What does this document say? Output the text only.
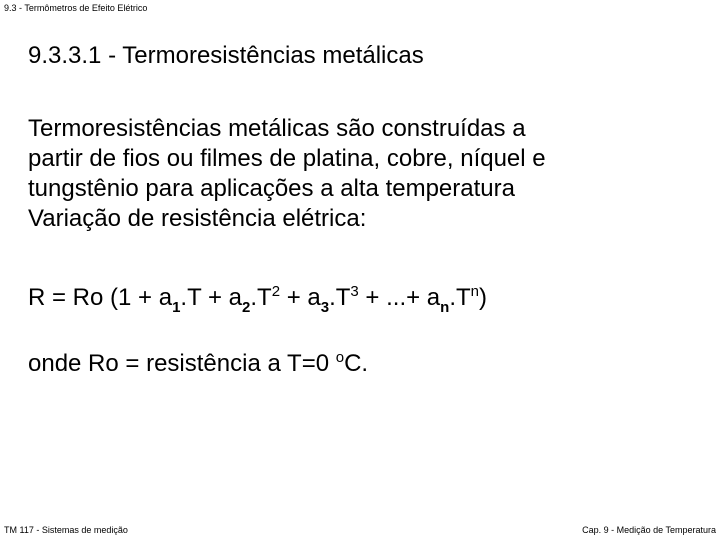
9.3 - Termômetros de Efeito Elétrico
9.3.3.1 - Termoresistências metálicas
Termoresistências metálicas são construídas a
partir de fios ou filmes de platina, cobre, níquel e
tungstênio para aplicações a alta temperatura
Variação de resistência elétrica:
R = Ro ($1 + a_1.T + a_2.T^2 + a_3.T^3$ + ...+ $a_n.T^n$)
onde Ro = resistência a T=0 $^o$C.
TM 117 - Sistemas de medição	Cap. 9 - Medição de Temperatura
